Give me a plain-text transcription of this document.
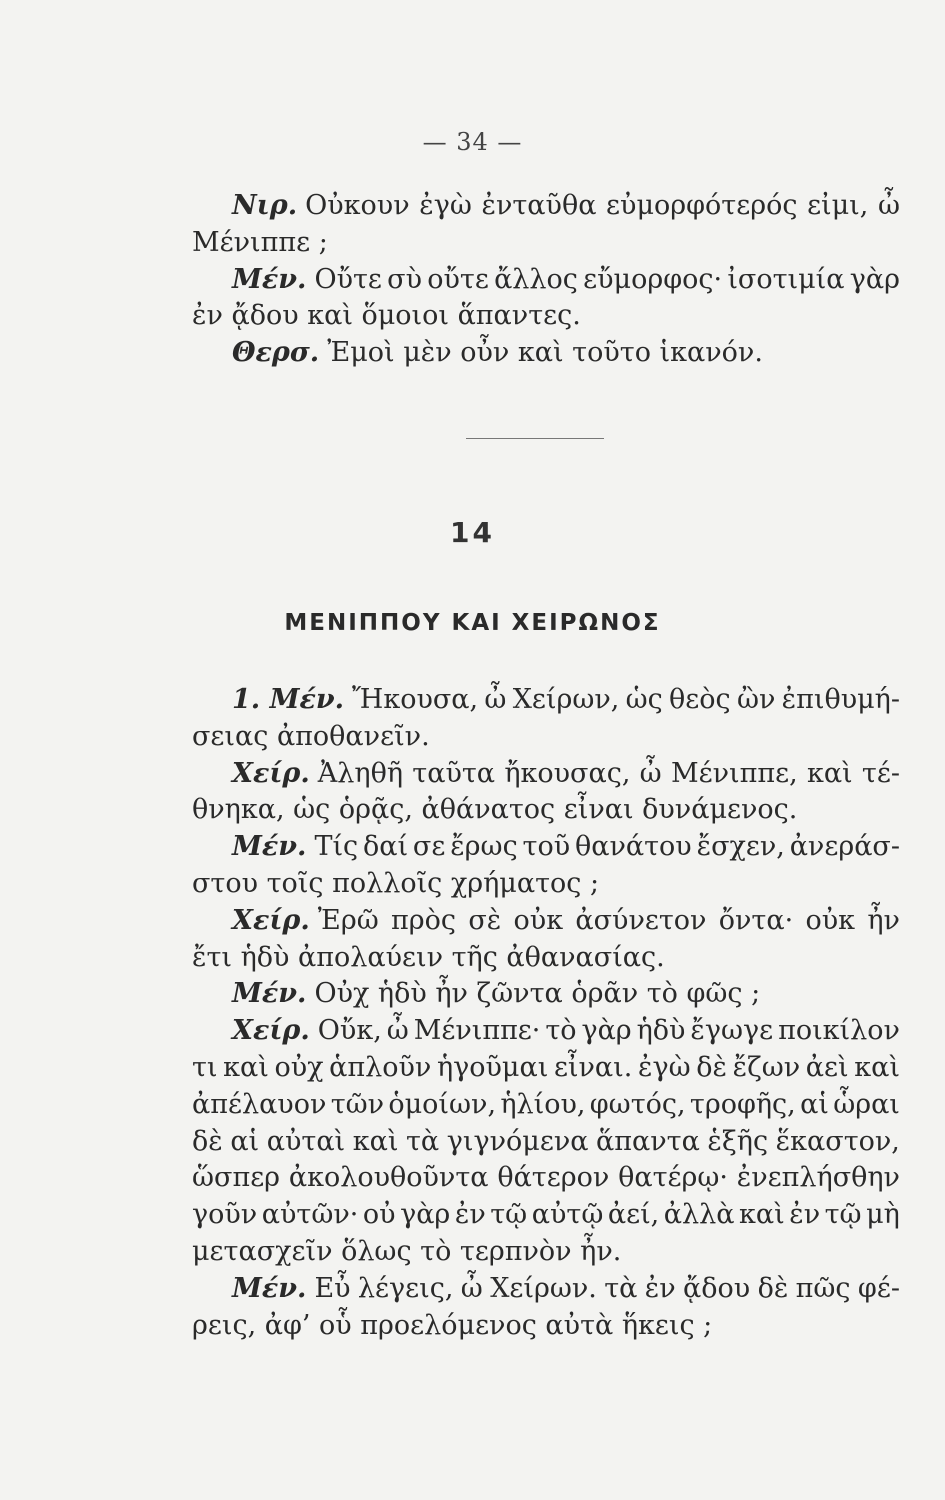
— 34 —
Νιρ. Οὐκουν ἐγὼ ἐνταῦθα εὐμορφότερός εἰμι, ὦ
Μένιππε ;
Μέν. Οὔτε σὺ οὔτε ἄλλος εὔμορφος· ἰσοτιμία γὰρ
ἐν ᾄδου καὶ ὅμοιοι ἅπαντες.
Θερσ. Ἐμοὶ μὲν οὖν καὶ τοῦτο ἱκανόν.
14
ΜΕΝΙΠΠΟΥ ΚΑΙ ΧΕΙΡΩΝΟΣ
1. Μέν. Ἤκουσα, ὦ Χείρων, ὡς θεὸς ὢν ἐπιθυμή-
σειας ἀποθανεῖν.
Χείρ. Ἀληθῆ ταῦτα ἤκουσας, ὦ Μένιππε, καὶ τέ-
θνηκα, ὡς ὁρᾷς, ἀθάνατος εἶναι δυνάμενος.
Μέν. Τίς δαί σε ἔρως τοῦ θανάτου ἔσχεν, ἀνεράσ-
στου τοῖς πολλοῖς χρήματος ;
Χείρ. Ἐρῶ πρὸς σὲ οὐκ ἀσύνετον ὄντα· οὐκ ἦν
ἔτι ἡδὺ ἀπολαύειν τῆς ἀθανασίας.
Μέν. Οὐχ ἡδὺ ἦν ζῶντα ὁρᾶν τὸ φῶς ;
Χείρ. Οὔκ, ὦ Μένιππε· τὸ γὰρ ἡδὺ ἔγωγε ποικίλον
τι καὶ οὐχ ἁπλοῦν ἡγοῦμαι εἶναι. ἐγὼ δὲ ἔζων ἀεὶ καὶ
ἀπέλαυον τῶν ὁμοίων, ἡλίου, φωτός, τροφῆς, αἱ ὧραι
δὲ αἱ αὐταὶ καὶ τὰ γιγνόμενα ἅπαντα ἑξῆς ἕκαστον,
ὥσπερ ἀκολουθοῦντα θάτερον θατέρῳ· ἐνεπλήσθην
γοῦν αὐτῶν· οὐ γὰρ ἐν τῷ αὐτῷ ἀεί, ἀλλὰ καὶ ἐν τῷ μὴ
μετασχεῖν ὅλως τὸ τερπνὸν ἦν.
Μέν. Εὖ λέγεις, ὦ Χείρων. τὰ ἐν ᾄδου δὲ πῶς φέ-
ρεις, ἀφ’ οὗ προελόμενος αὐτὰ ἥκεις ;
